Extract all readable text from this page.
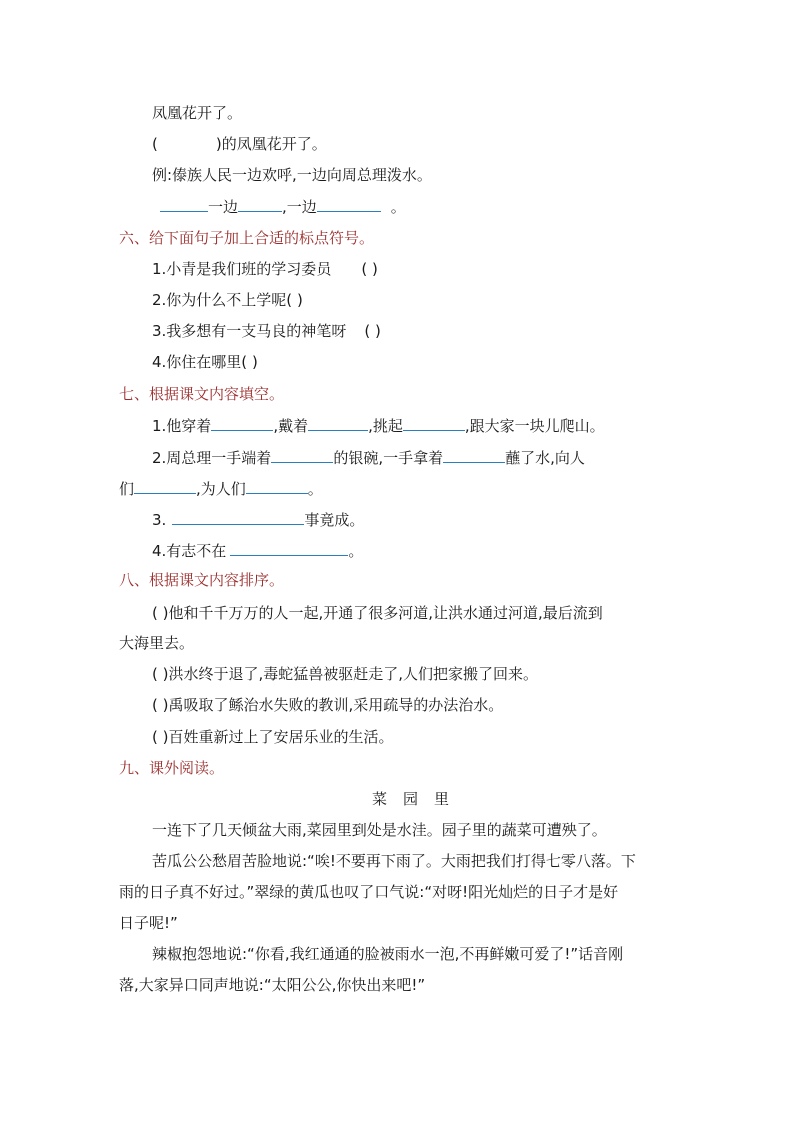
凤凰花开了。
(	)的凤凰花开了。
例:傣族人民一边欢呼,一边向周总理泼水。
一边	,一边	。
六、给下面句子加上合适的标点符号。
1.小青是我们班的学习委员 ( )
2.你为什么不上学呢( )
3.我多想有一支马良的神笔呀 ( )
4.你住在哪里( )
七、根据课文内容填空。
1.他穿着	,戴着	,挑起	,跟大家一块儿爬山。
2.周总理一手端着	的银碗,一手拿着	蘸了水,向人
们	,为人们	。
3.	事竟成。
4.有志不在	。
八、根据课文内容排序。
( )他和千千万万的人一起,开通了很多河道,让洪水通过河道,最后流到
大海里去。
( )洪水终于退了,毒蛇猛兽被驱赶走了,人们把家搬了回来。
( )禹吸取了鲧治水失败的教训,采用疏导的办法治水。
( )百姓重新过上了安居乐业的生活。
九、课外阅读。
菜 园 里
一连下了几天倾盆大雨,菜园里到处是水洼。园子里的蔬菜可遭殃了。
苦瓜公公愁眉苦脸地说:“唉!不要再下雨了。大雨把我们打得七零八落。下
雨的日子真不好过。”翠绿的黄瓜也叹了口气说:“对呀!阳光灿烂的日子才是好
日子呢!”
辣椒抱怨地说:“你看,我红通通的脸被雨水一泡,不再鲜嫩可爱了!”话音刚
落,大家异口同声地说:“太阳公公,你快出来吧!”
